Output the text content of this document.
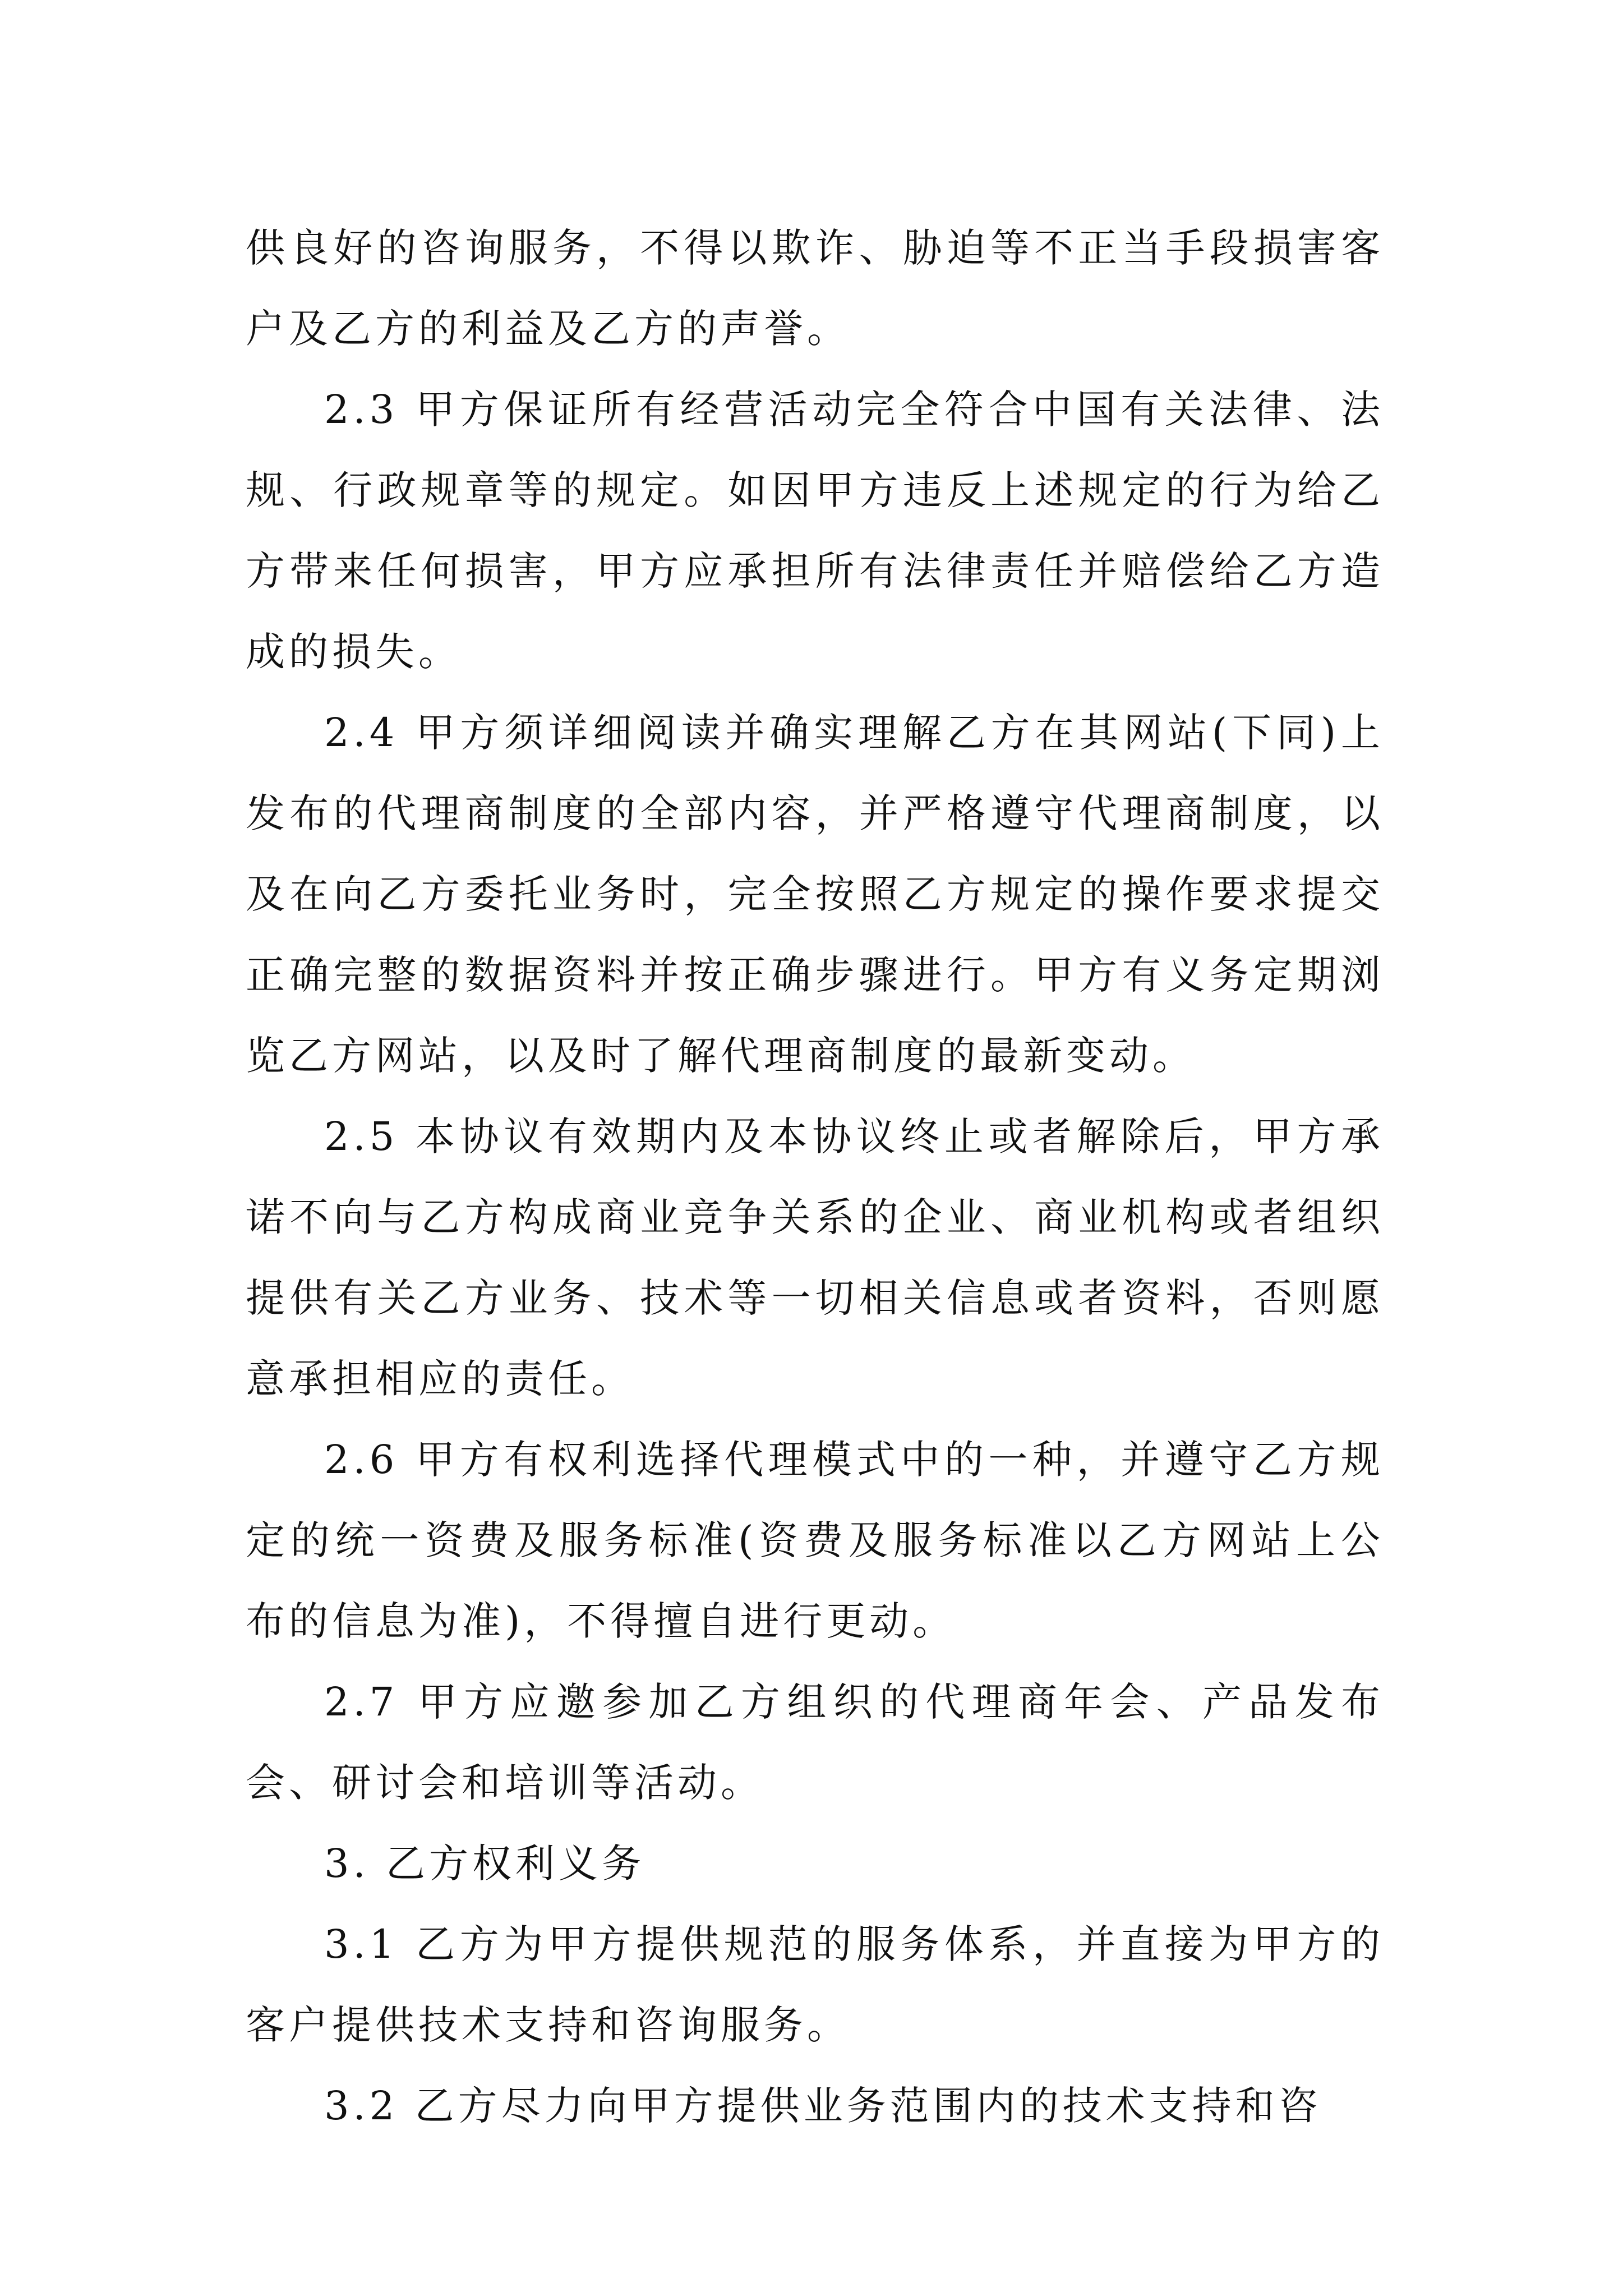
供良好的咨询服务，不得以欺诈、胁迫等不正当手段损害客户及乙方的利益及乙方的声誉。

2.3 甲方保证所有经营活动完全符合中国有关法律、法规、行政规章等的规定。如因甲方违反上述规定的行为给乙方带来任何损害，甲方应承担所有法律责任并赔偿给乙方造成的损失。

2.4 甲方须详细阅读并确实理解乙方在其网站(下同)上发布的代理商制度的全部内容，并严格遵守代理商制度，以及在向乙方委托业务时，完全按照乙方规定的操作要求提交正确完整的数据资料并按正确步骤进行。甲方有义务定期浏览乙方网站，以及时了解代理商制度的最新变动。

2.5 本协议有效期内及本协议终止或者解除后，甲方承诺不向与乙方构成商业竞争关系的企业、商业机构或者组织提供有关乙方业务、技术等一切相关信息或者资料，否则愿意承担相应的责任。

2.6 甲方有权利选择代理模式中的一种，并遵守乙方规定的统一资费及服务标准(资费及服务标准以乙方网站上公布的信息为准)，不得擅自进行更动。

2.7 甲方应邀参加乙方组织的代理商年会、产品发布会、研讨会和培训等活动。

3. 乙方权利义务

3.1 乙方为甲方提供规范的服务体系，并直接为甲方的客户提供技术支持和咨询服务。

3.2 乙方尽力向甲方提供业务范围内的技术支持和咨
